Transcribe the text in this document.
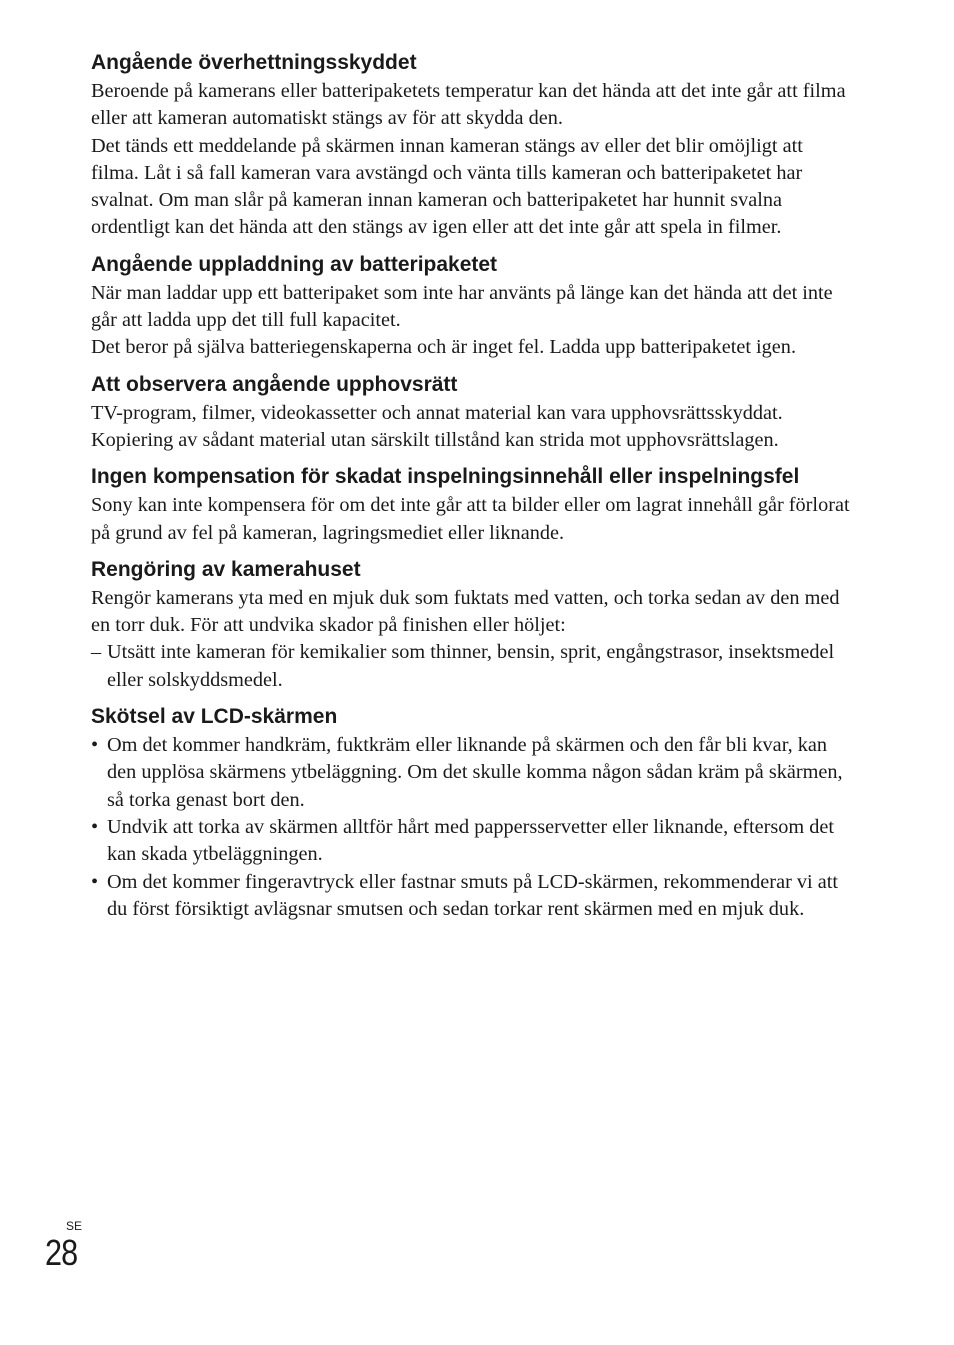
Angående överhettningsskyddet

Beroende på kamerans eller batteripaketets temperatur kan det hända att det inte går att filma eller att kameran automatiskt stängs av för att skydda den.

Det tänds ett meddelande på skärmen innan kameran stängs av eller det blir omöjligt att filma. Låt i så fall kameran vara avstängd och vänta tills kameran och batteripaketet har svalnat. Om man slår på kameran innan kameran och batteripaketet har hunnit svalna ordentligt kan det hända att den stängs av igen eller att det inte går att spela in filmer.

Angående uppladdning av batteripaketet

När man laddar upp ett batteripaket som inte har använts på länge kan det hända att det inte går att ladda upp det till full kapacitet.

Det beror på själva batteriegenskaperna och är inget fel. Ladda upp batteripaketet igen.

Att observera angående upphovsrätt

TV-program, filmer, videokassetter och annat material kan vara upphovsrättsskyddat. Kopiering av sådant material utan särskilt tillstånd kan strida mot upphovsrättslagen.

Ingen kompensation för skadat inspelningsinnehåll eller inspelningsfel

Sony kan inte kompensera för om det inte går att ta bilder eller om lagrat innehåll går förlorat på grund av fel på kameran, lagringsmediet eller liknande.

Rengöring av kamerahuset

Rengör kamerans yta med en mjuk duk som fuktats med vatten, och torka sedan av den med en torr duk. För att undvika skador på finishen eller höljet:

– Utsätt inte kameran för kemikalier som thinner, bensin, sprit, engångstrasor, insektsmedel eller solskyddsmedel.
Skötsel av LCD-skärmen
• Om det kommer handkräm, fuktkräm eller liknande på skärmen och den får bli kvar, kan den upplösa skärmens ytbeläggning. Om det skulle komma någon sådan kräm på skärmen, så torka genast bort den.
• Undvik att torka av skärmen alltför hårt med pappersservetter eller liknande, eftersom det kan skada ytbeläggningen.
• Om det kommer fingeravtryck eller fastnar smuts på LCD-skärmen, rekommenderar vi att du först försiktigt avlägsnar smutsen och sedan torkar rent skärmen med en mjuk duk.
SE
28
